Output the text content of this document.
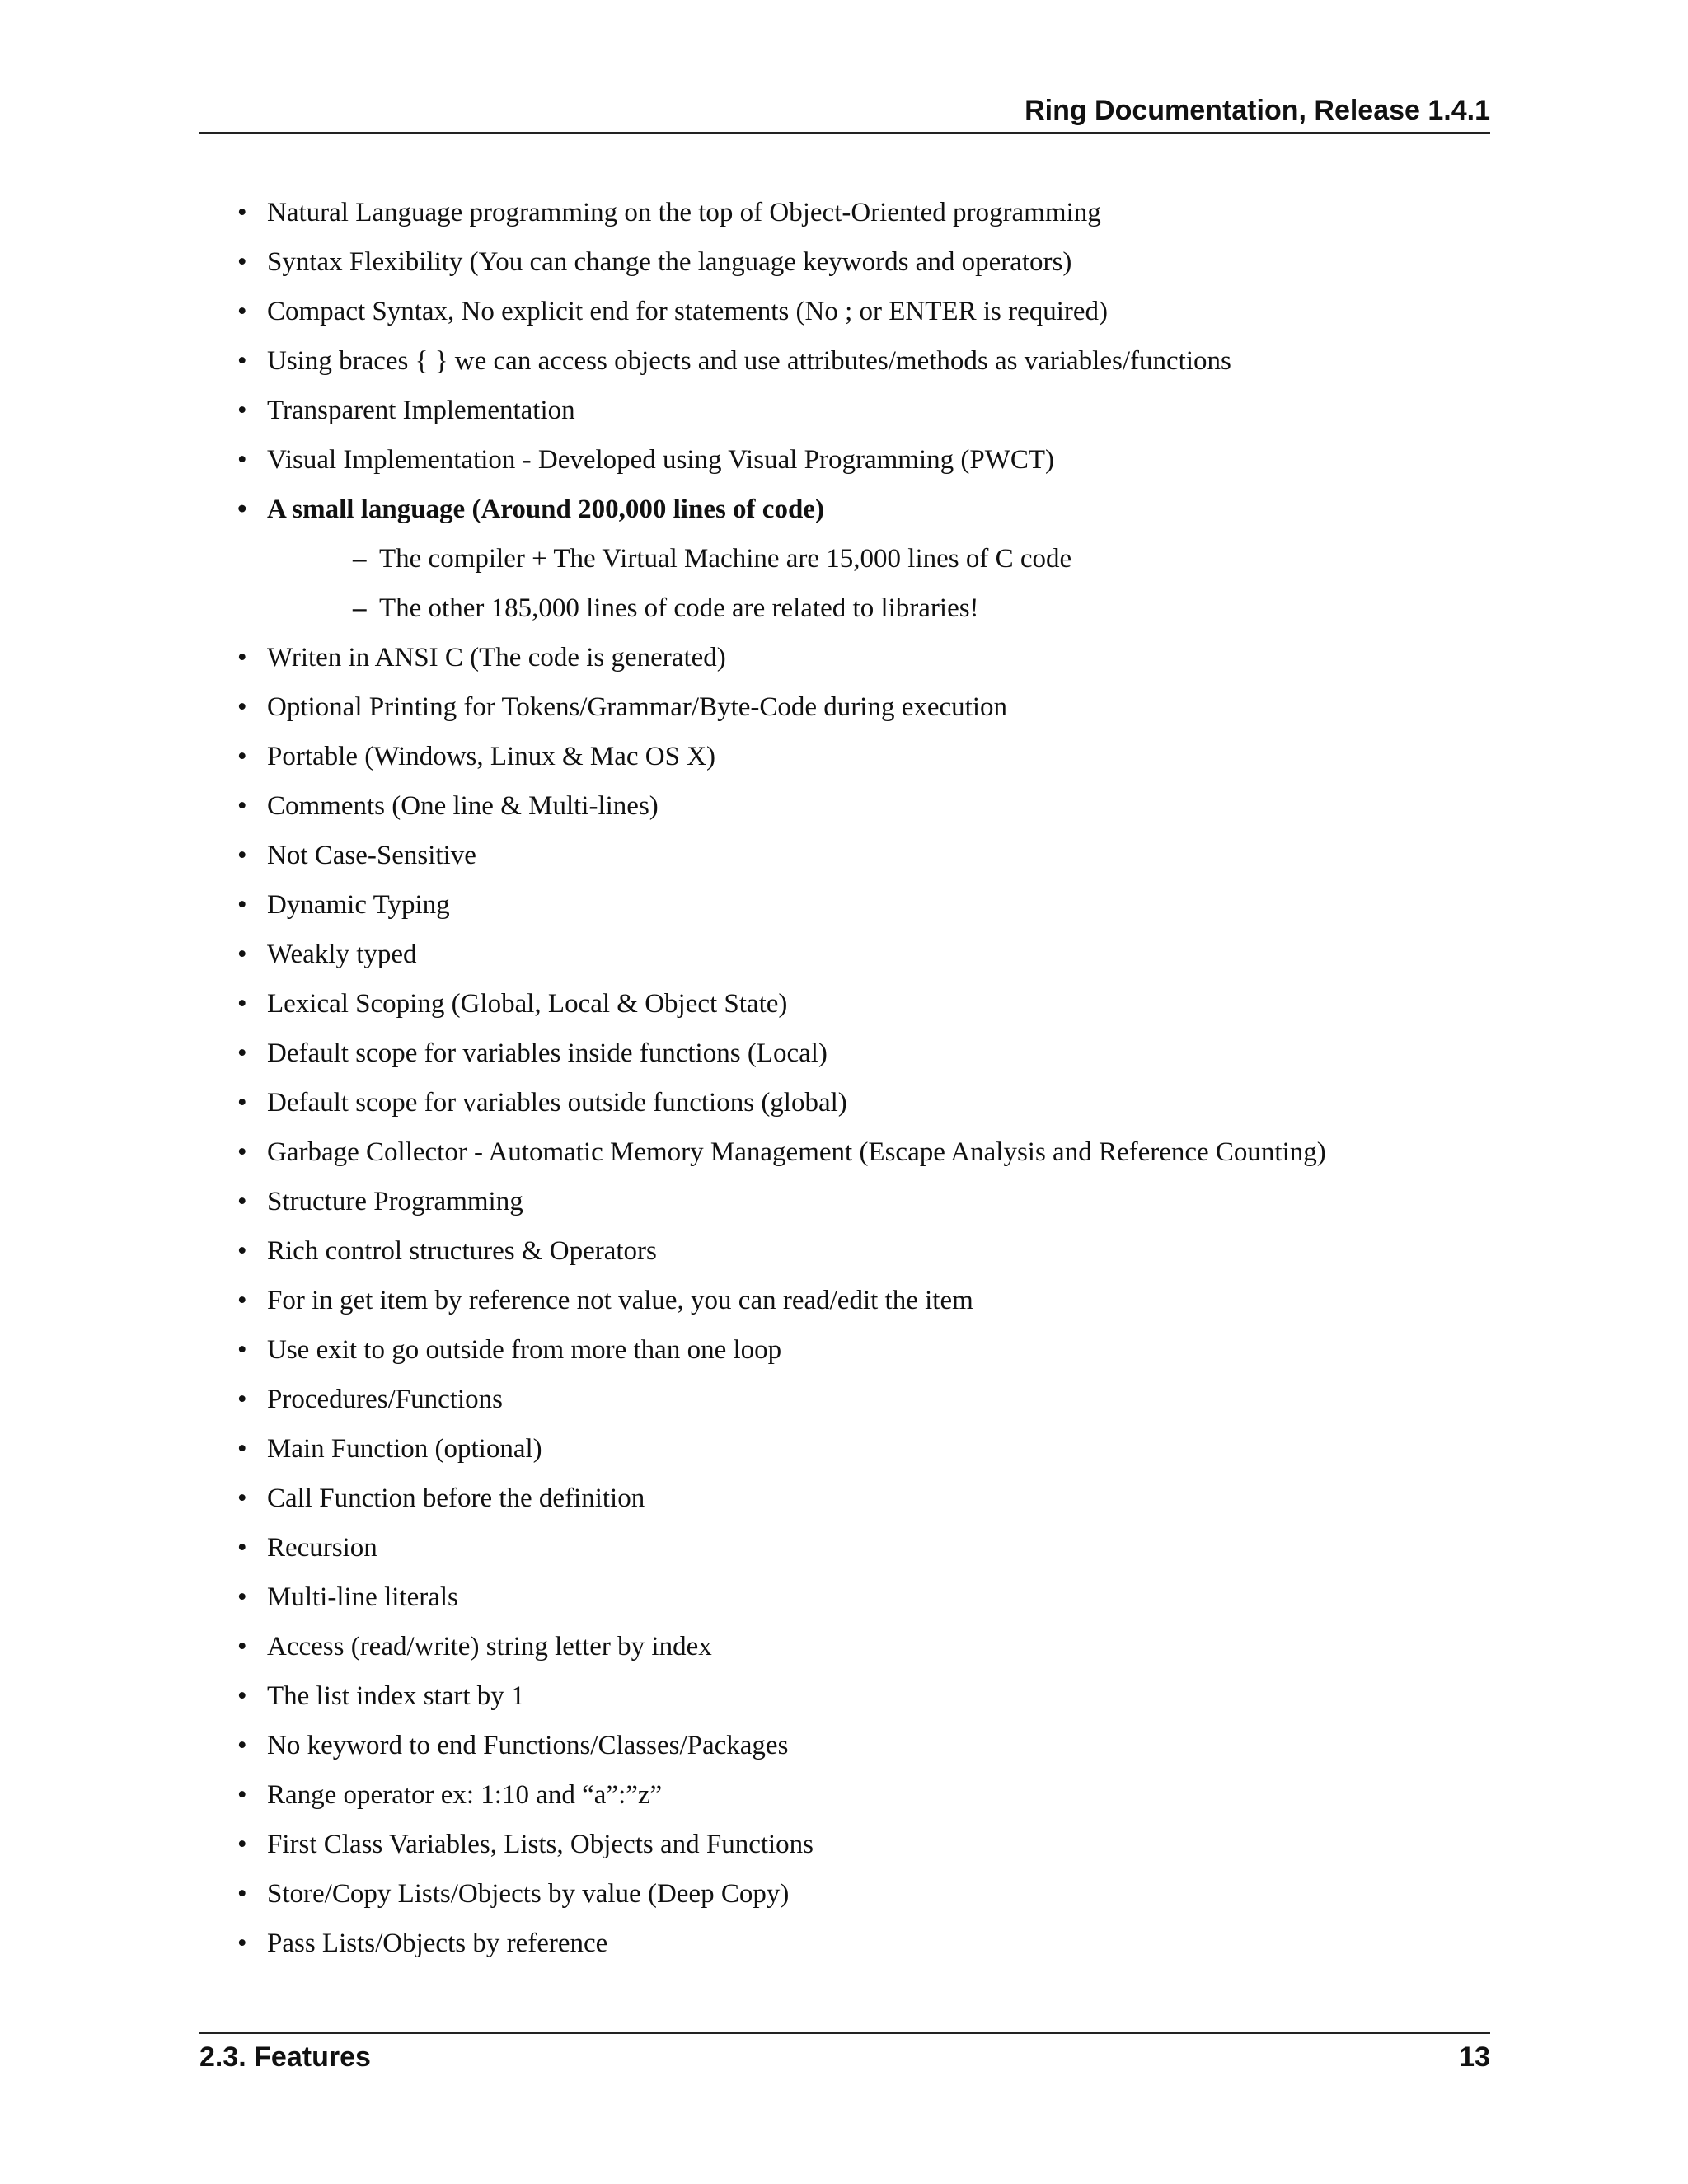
Ring Documentation, Release 1.4.1
• Natural Language programming on the top of Object-Oriented programming
• Syntax Flexibility (You can change the language keywords and operators)
• Compact Syntax, No explicit end for statements (No ; or ENTER is required)
• Using braces { } we can access objects and use attributes/methods as variables/functions
• Transparent Implementation
• Visual Implementation - Developed using Visual Programming (PWCT)
• A small language (Around 200,000 lines of code)
– The compiler + The Virtual Machine are 15,000 lines of C code
– The other 185,000 lines of code are related to libraries!
• Writen in ANSI C (The code is generated)
• Optional Printing for Tokens/Grammar/Byte-Code during execution
• Portable (Windows, Linux & Mac OS X)
• Comments (One line & Multi-lines)
• Not Case-Sensitive
• Dynamic Typing
• Weakly typed
• Lexical Scoping (Global, Local & Object State)
• Default scope for variables inside functions (Local)
• Default scope for variables outside functions (global)
• Garbage Collector - Automatic Memory Management (Escape Analysis and Reference Counting)
• Structure Programming
• Rich control structures & Operators
• For in get item by reference not value, you can read/edit the item
• Use exit to go outside from more than one loop
• Procedures/Functions
• Main Function (optional)
• Call Function before the definition
• Recursion
• Multi-line literals
• Access (read/write) string letter by index
• The list index start by 1
• No keyword to end Functions/Classes/Packages
• Range operator ex: 1:10 and “a”:”z”
• First Class Variables, Lists, Objects and Functions
• Store/Copy Lists/Objects by value (Deep Copy)
• Pass Lists/Objects by reference
2.3. Features	13
